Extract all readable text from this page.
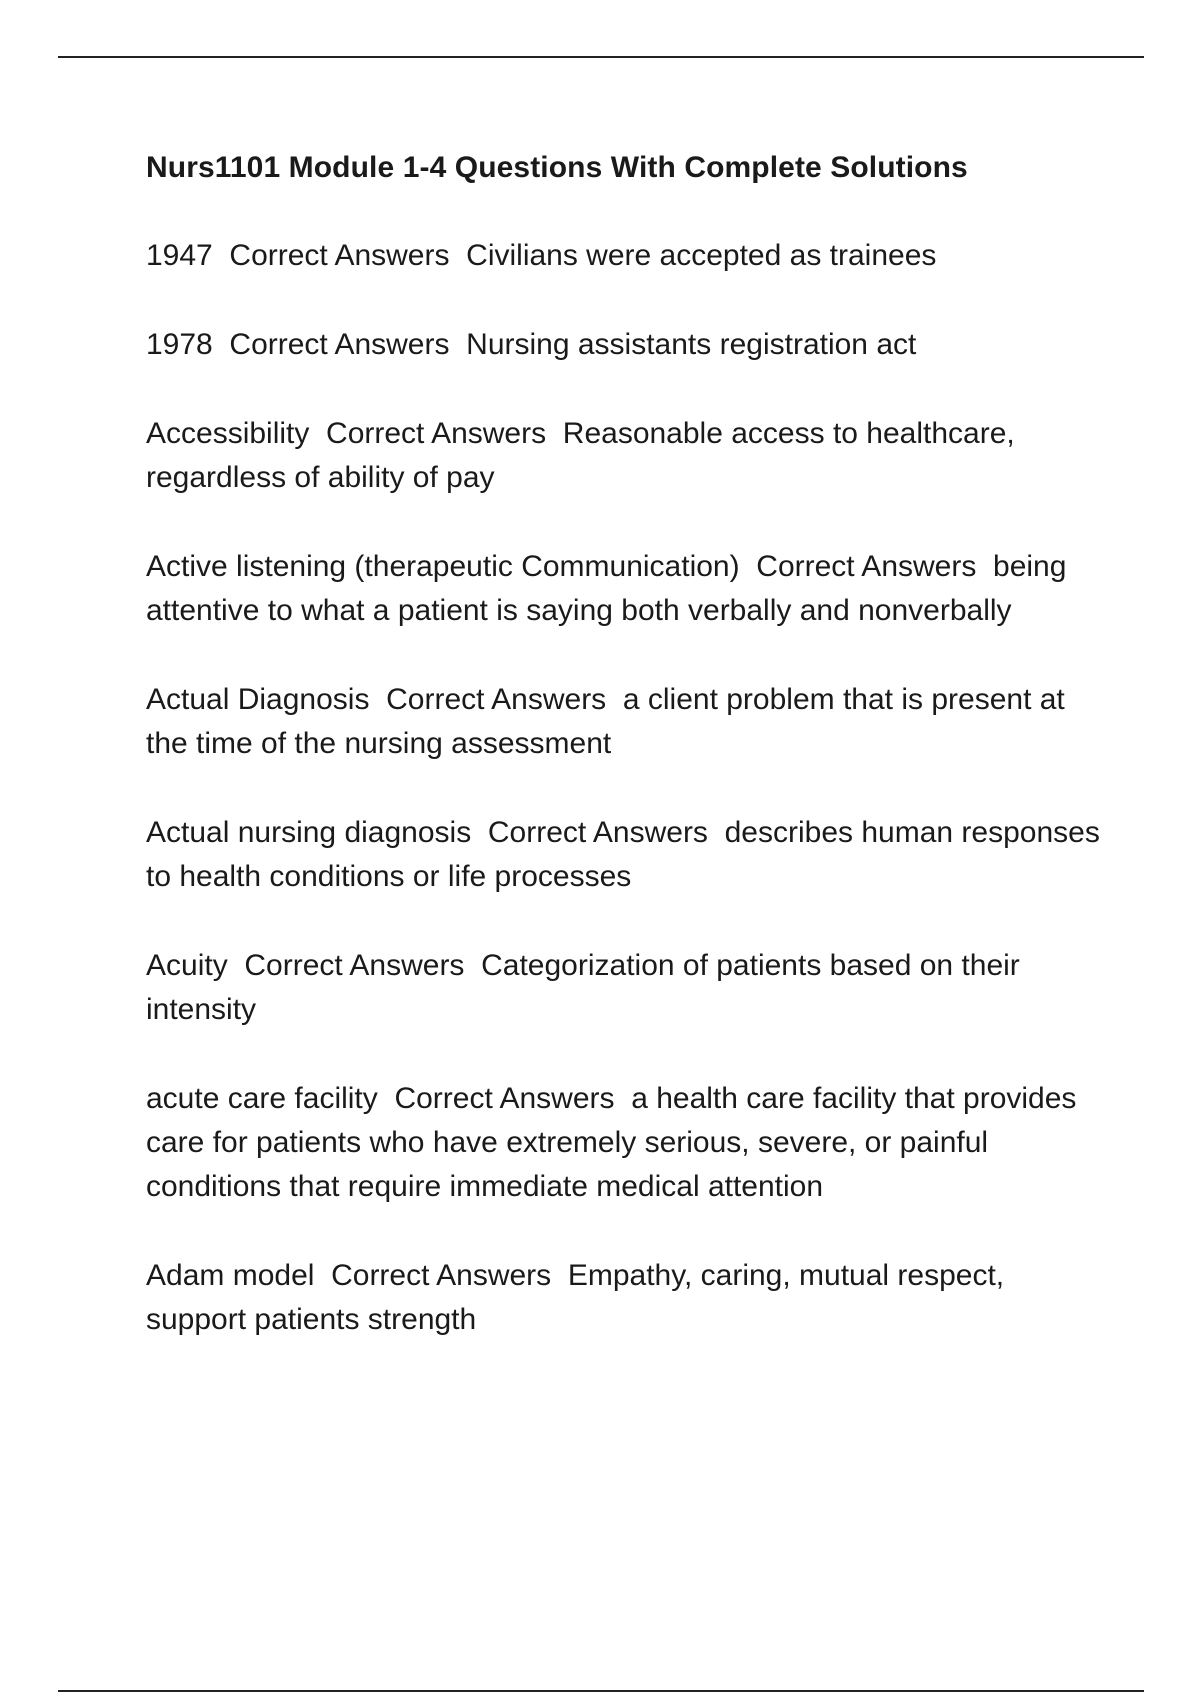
Nurs1101 Module 1-4 Questions With Complete Solutions

1947  Correct Answers  Civilians were accepted as trainees

1978  Correct Answers  Nursing assistants registration act

Accessibility  Correct Answers  Reasonable access to healthcare, regardless of ability of pay

Active listening (therapeutic Communication)  Correct Answers  being attentive to what a patient is saying both verbally and nonverbally

Actual Diagnosis  Correct Answers  a client problem that is present at the time of the nursing assessment

Actual nursing diagnosis  Correct Answers  describes human responses to health conditions or life processes

Acuity  Correct Answers  Categorization of patients based on their intensity

acute care facility  Correct Answers  a health care facility that provides care for patients who have extremely serious, severe, or painful conditions that require immediate medical attention

Adam model  Correct Answers  Empathy, caring, mutual respect, support patients strength
